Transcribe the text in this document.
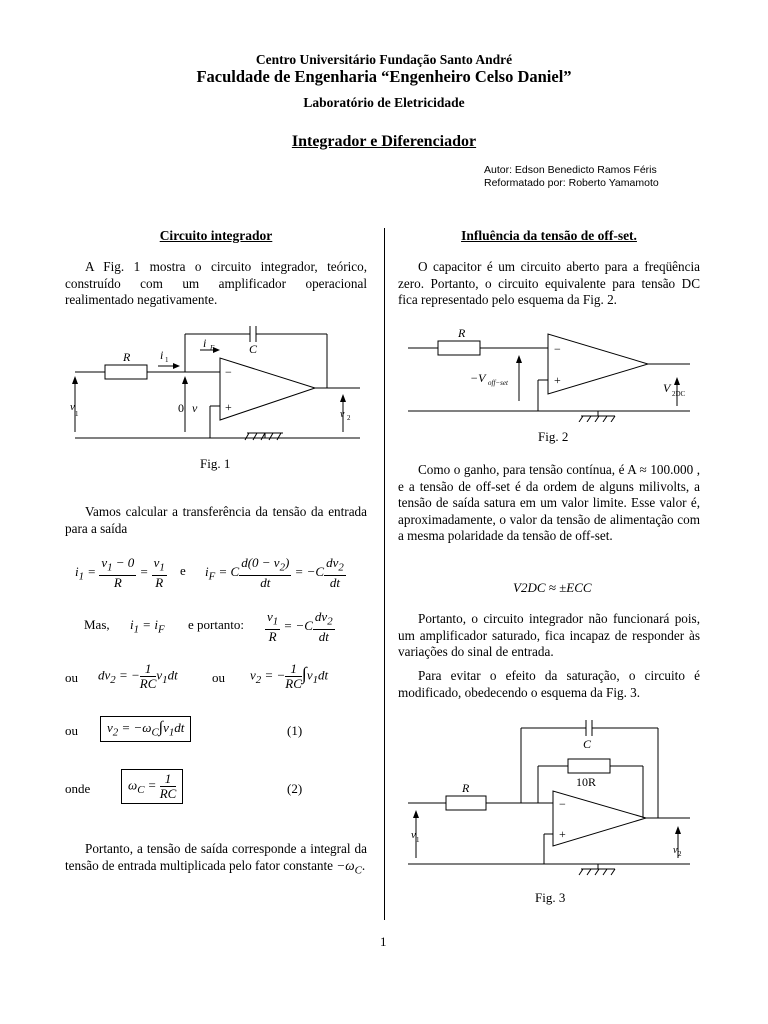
Centro Universitário Fundação Santo André
Faculdade de Engenharia “Engenheiro Celso Daniel”
Laboratório de Eletricidade
Integrador e Diferenciador
Autor: Edson Benedicto Ramos Féris
Reformatado por: Roberto Yamamoto
Circuito integrador

A Fig. 1 mostra o circuito integrador, teórico, construído com um amplificador operacional realimentado negativamente.

R
C
i
i
v
v
v
0
−
+
1
1
F
2
Fig. 1

Vamos calcular a transferência da tensão da entrada para a saída

$i_1 = \frac{v_1 - 0}{R} = \frac{v_1}{R}$ e $i_F = C \frac{d(0 - v_2)}{dt} = -C \frac{dv_2}{dt}$
Mas, $i_1 = i_F$ e portanto: $\frac{v_1}{R} = -C \frac{dv_2}{dt}$
ou $dv_2$ = − $\frac{1}{RC} v_1dt$	ou $v_2$ = − $\frac{1}{RC} \int v_1dt$
ou	$v_2 = -\omega_C\int v_1dt$	(1)
onde	$\omega_C = \frac{1}{RC}$	(2)

Portanto, a tensão de saída corresponde a integral da tensão de entrada multiplicada pelo fator constante $-\omega_C$.

Influência da tensão de off-set.

O capacitor é um circuito aberto para a freqüência zero. Portanto, o circuito equivalente para tensão DC fica representado pelo esquema da Fig. 2.

R
−
+
−V off−set	V 2DC
Fig. 2

Como o ganho, para tensão contínua, é A ≈ 100.000 , e a tensão de off-set é da ordem de alguns milivolts, a tensão de saída satura em um valor limite. Esse valor é, aproximadamente, o valor da tensão de alimentação com a mesma polaridade da tensão de off-set.

V2DC ≈ ±ECC

Portanto, o circuito integrador não funcionará pois, um amplificador saturado, fica incapaz de responder às variações do sinal de entrada.

Para evitar o efeito da saturação, o circuito é modificado, obedecendo o esquema da Fig. 3.

C
10R
R
−
+
v 1
v 2
Fig. 3
1
